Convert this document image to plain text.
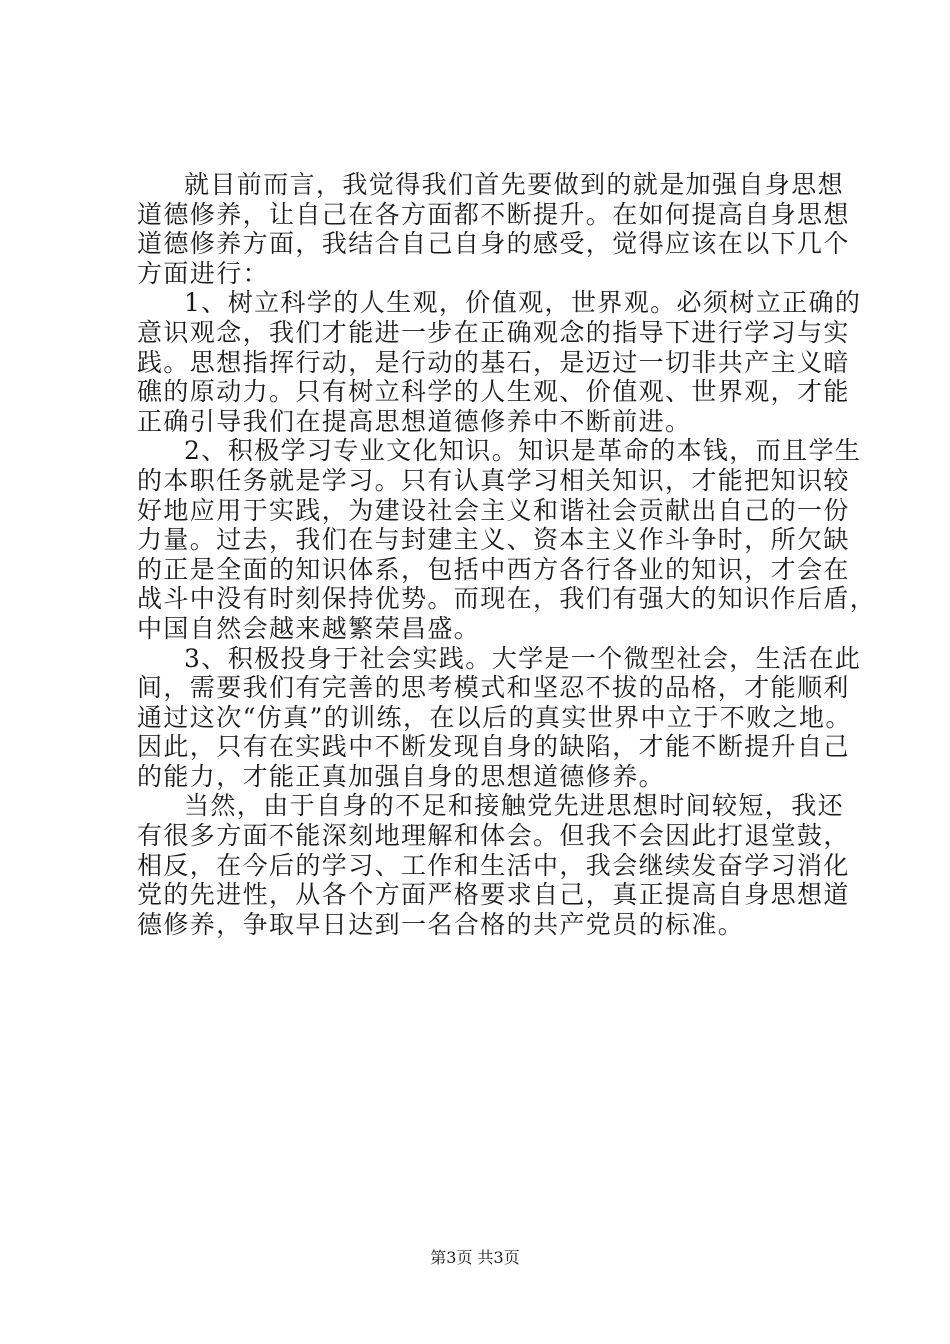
就目前而言，我觉得我们首先要做到的就是加强自身思想
道德修养，让自己在各方面都不断提升。在如何提高自身思想
道德修养方面，我结合自己自身的感受，觉得应该在以下几个
方面进行：
1、树立科学的人生观，价值观，世界观。必须树立正确的
意识观念，我们才能进一步在正确观念的指导下进行学习与实
践。思想指挥行动，是行动的基石，是迈过一切非共产主义暗
礁的原动力。只有树立科学的人生观、价值观、世界观，才能
正确引导我们在提高思想道德修养中不断前进。
2、积极学习专业文化知识。知识是革命的本钱，而且学生
的本职任务就是学习。只有认真学习相关知识，才能把知识较
好地应用于实践，为建设社会主义和谐社会贡献出自己的一份
力量。过去，我们在与封建主义、资本主义作斗争时，所欠缺
的正是全面的知识体系，包括中西方各行各业的知识，才会在
战斗中没有时刻保持优势。而现在，我们有强大的知识作后盾，
中国自然会越来越繁荣昌盛。
3、积极投身于社会实践。大学是一个微型社会，生活在此
间，需要我们有完善的思考模式和坚忍不拔的品格，才能顺利
通过这次“仿真”的训练，在以后的真实世界中立于不败之地。
因此，只有在实践中不断发现自身的缺陷，才能不断提升自己
的能力，才能正真加强自身的思想道德修养。
当然，由于自身的不足和接触党先进思想时间较短，我还
有很多方面不能深刻地理解和体会。但我不会因此打退堂鼓，
相反，在今后的学习、工作和生活中，我会继续发奋学习消化
党的先进性，从各个方面严格要求自己，真正提高自身思想道
德修养，争取早日达到一名合格的共产党员的标准。
第3页 共3页
